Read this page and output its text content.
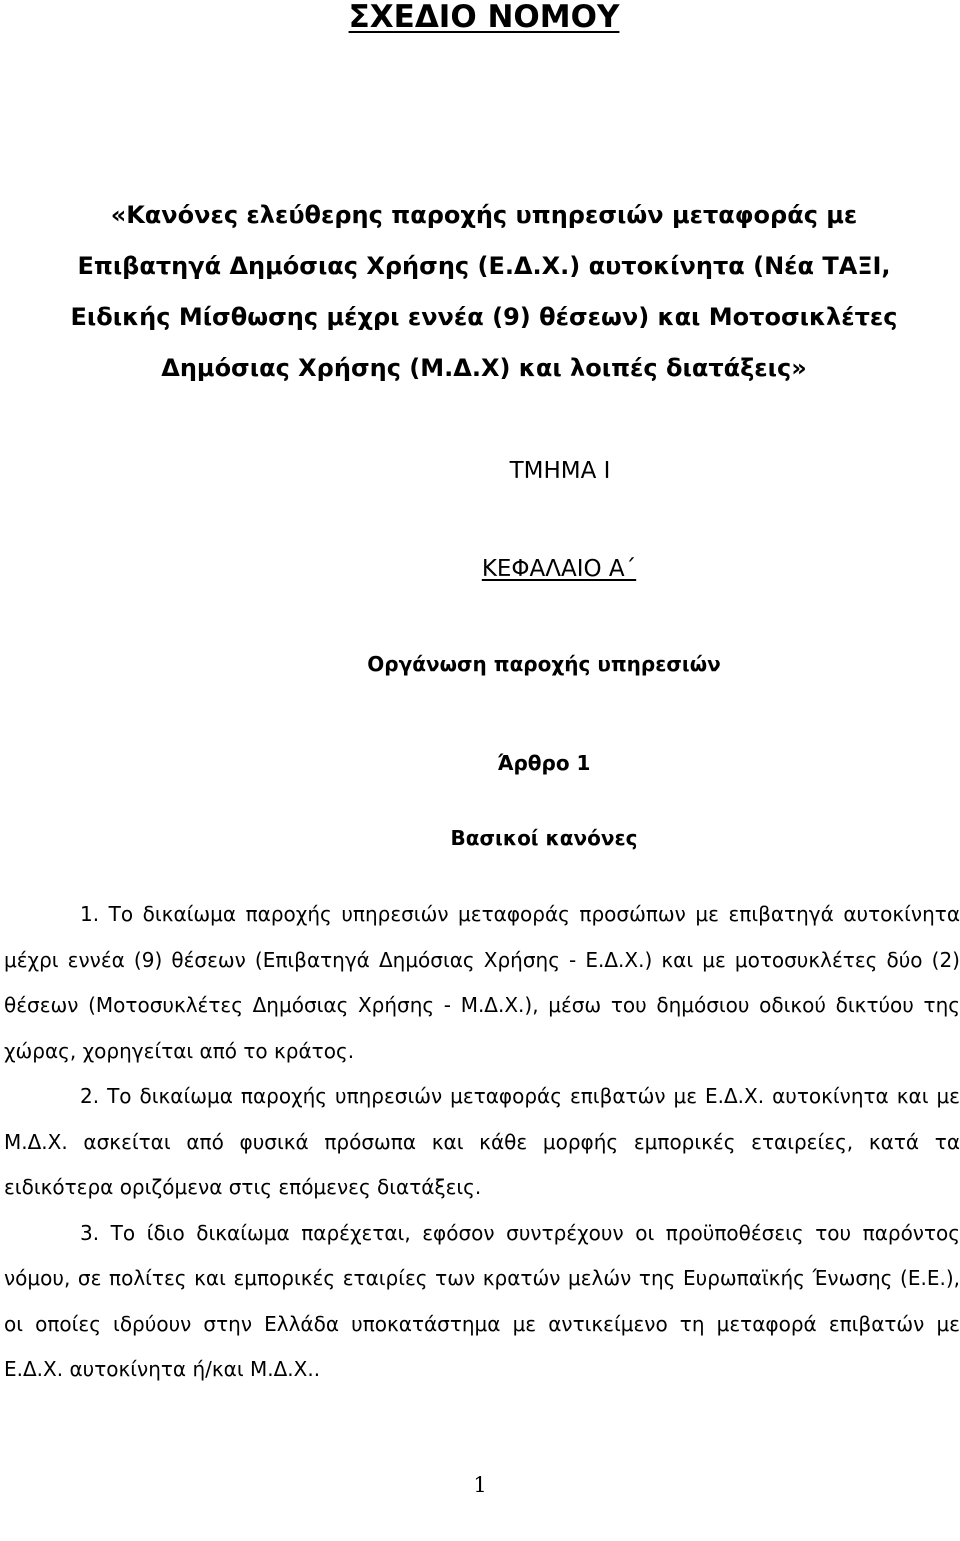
ΣΧΕΔΙΟ ΝΟΜΟΥ
«Κανόνες ελεύθερης παροχής υπηρεσιών μεταφοράς με
Επιβατηγά Δημόσιας Χρήσης (Ε.Δ.Χ.) αυτοκίνητα (Νέα ΤΑΞΙ,
Ειδικής Μίσθωσης μέχρι εννέα (9) θέσεων) και Μοτοσικλέτες
Δημόσιας Χρήσης (Μ.Δ.Χ) και λοιπές διατάξεις»
ΤΜΗΜΑ Ι
ΚΕΦΑΛΑΙΟ Α΄
Οργάνωση παροχής υπηρεσιών
Άρθρο 1
Βασικοί κανόνες

1. Το δικαίωμα παροχής υπηρεσιών μεταφοράς προσώπων με επιβατηγά αυτοκίνητα μέχρι εννέα (9) θέσεων (Επιβατηγά Δημόσιας Χρήσης - Ε.Δ.Χ.) και με μοτοσυκλέτες δύο (2) θέσεων (Μοτοσυκλέτες Δημόσιας Χρήσης - Μ.Δ.Χ.), μέσω του δημόσιου οδικού δικτύου της χώρας, χορηγείται από το κράτος.

2. Το δικαίωμα παροχής υπηρεσιών μεταφοράς επιβατών με Ε.Δ.Χ. αυτοκίνητα και με Μ.Δ.Χ. ασκείται από φυσικά πρόσωπα και κάθε μορφής εμπορικές εταιρείες, κατά τα ειδικότερα οριζόμενα στις επόμενες διατάξεις.

3. Το ίδιο δικαίωμα παρέχεται, εφόσον συντρέχουν οι προϋποθέσεις του παρόντος νόμου, σε πολίτες και εμπορικές εταιρίες των κρατών μελών της Ευρωπαϊκής Ένωσης (Ε.Ε.), οι οποίες ιδρύουν στην Ελλάδα υποκατάστημα με αντικείμενο τη μεταφορά επιβατών με Ε.Δ.Χ. αυτοκίνητα ή/και Μ.Δ.Χ..

1
